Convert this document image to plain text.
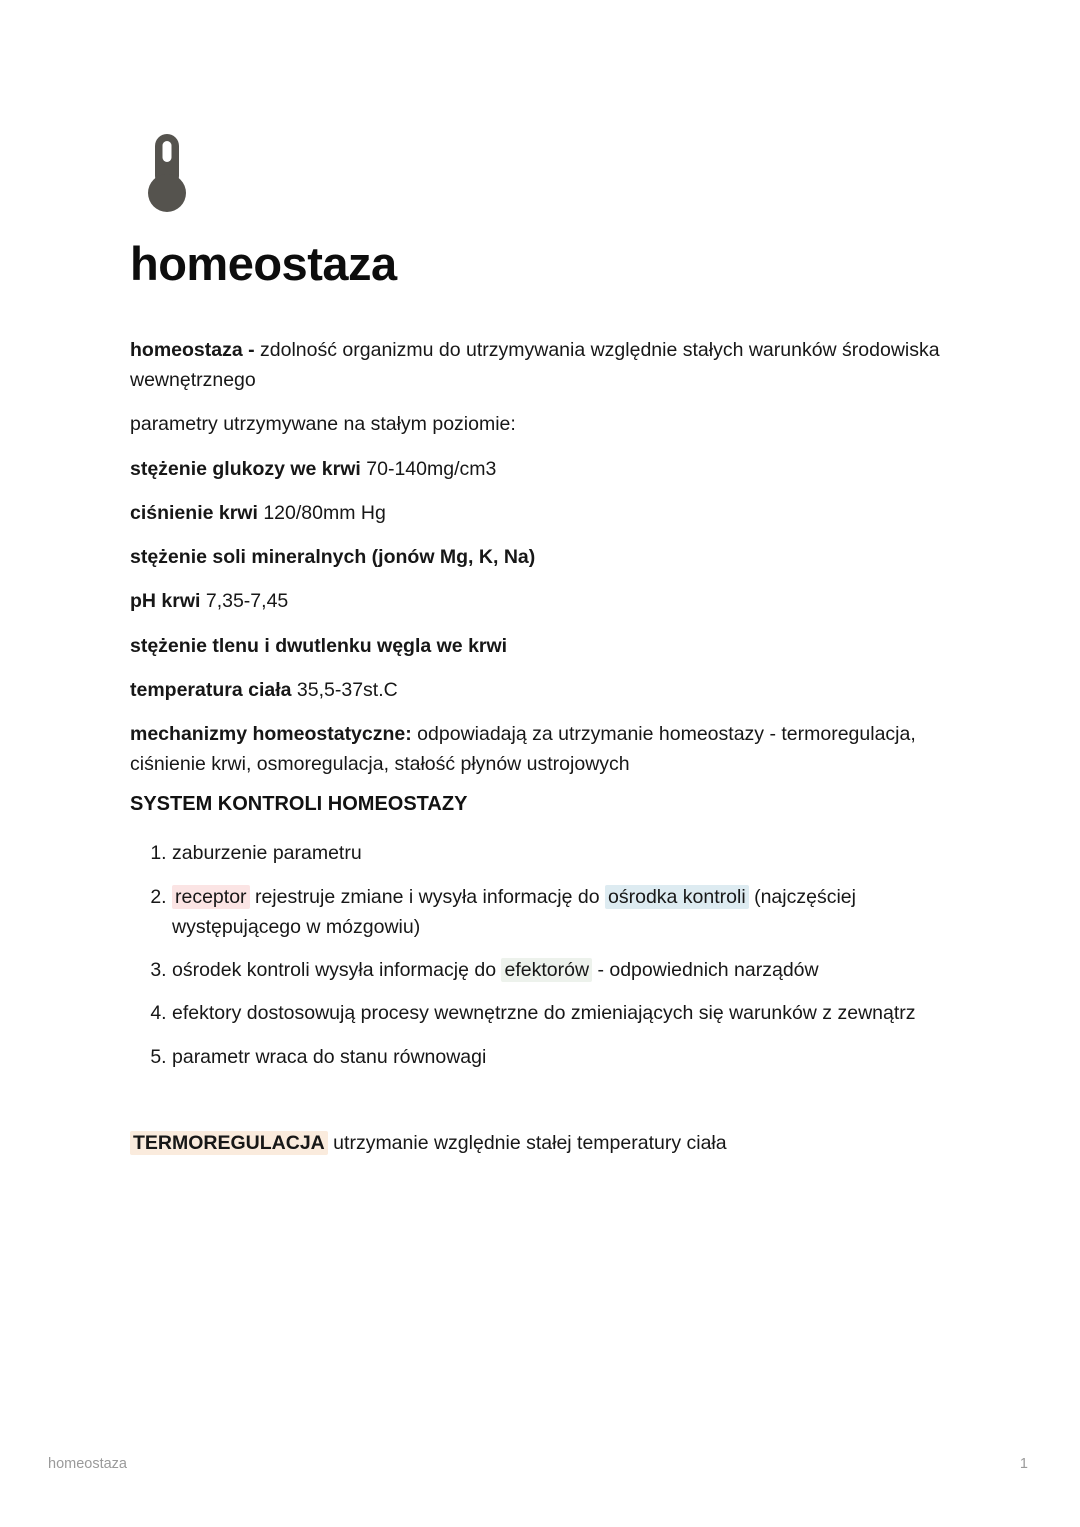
homeostaza

homeostaza - zdolność organizmu do utrzymywania względnie stałych warunków środowiska wewnętrznego

parametry utrzymywane na stałym poziomie:

stężenie glukozy we krwi 70-140mg/cm3

ciśnienie krwi 120/80mm Hg

stężenie soli mineralnych (jonów Mg, K, Na)

pH krwi 7,35-7,45

stężenie tlenu i dwutlenku węgla we krwi

temperatura ciała 35,5-37st.C

mechanizmy homeostatyczne: odpowiadają za utrzymanie homeostazy - termoregulacja, ciśnienie krwi, osmoregulacja, stałość płynów ustrojowych

SYSTEM KONTROLI HOMEOSTAZY
1. zaburzenie parametru
2. receptor rejestruje zmiane i wysyła informację do ośrodka kontroli (najczęściej występującego w mózgowiu)
3. ośrodek kontroli wysyła informację do efektorów - odpowiednich narządów
4. efektory dostosowują procesy wewnętrzne do zmieniających się warunków z zewnątrz
5. parametr wraca do stanu równowagi

TERMOREGULACJA utrzymanie względnie stałej temperatury ciała

homeostaza	1
